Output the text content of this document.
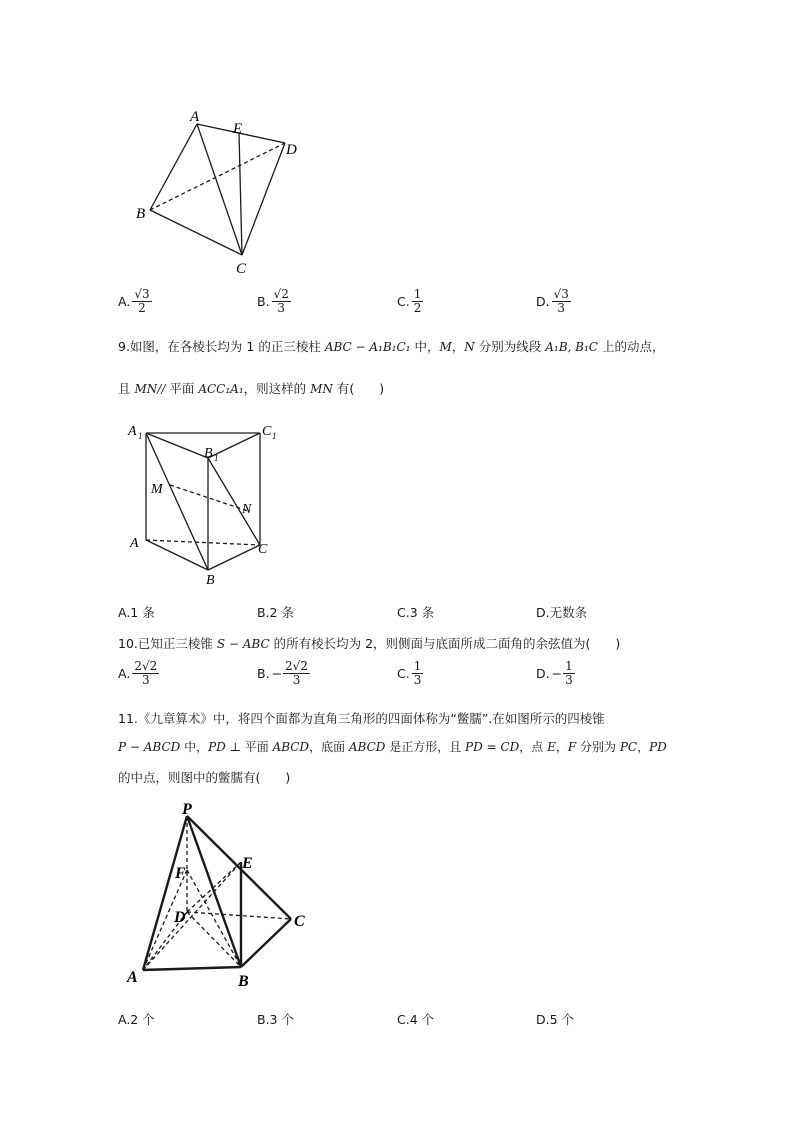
A
E
D
B
C
A. $\frac{√3}{2}$	B. $\frac{√2}{3}$	C. $\frac{1}{2}$	D. $\frac{√3}{3}$
9.如图，在各棱长均为 1 的正三棱柱 ABC − A₁B₁C₁ 中，M，N 分别为线段 A₁B, B₁C 上的动点，
且 MN// 平面 ACC₁A₁，则这样的 MN 有(　　)
A 1
B 1
C 1
M
N
A	C
B
A.1 条	B.2 条	C.3 条	D.无数条
10.已知正三棱锥 S − ABC 的所有棱长均为 2，则侧面与底面所成二面角的余弦值为(　　)
A. $\frac{2√2}{3}$	B. − $\frac{2√2}{3}$	C. $\frac{1}{3}$	D. − $\frac{1}{3}$
11.《九章算术》中，将四个面都为直角三角形的四面体称为“鳖臑”.在如图所示的四棱锥
P − ABCD 中，PD ⊥ 平面 ABCD，底面 ABCD 是正方形，且 PD = CD，点 E，F 分别为 PC，PD
的中点，则图中的鳖臑有(　　)
P
E
F
D	C
A	B
A.2 个	B.3 个	C.4 个	D.5 个
